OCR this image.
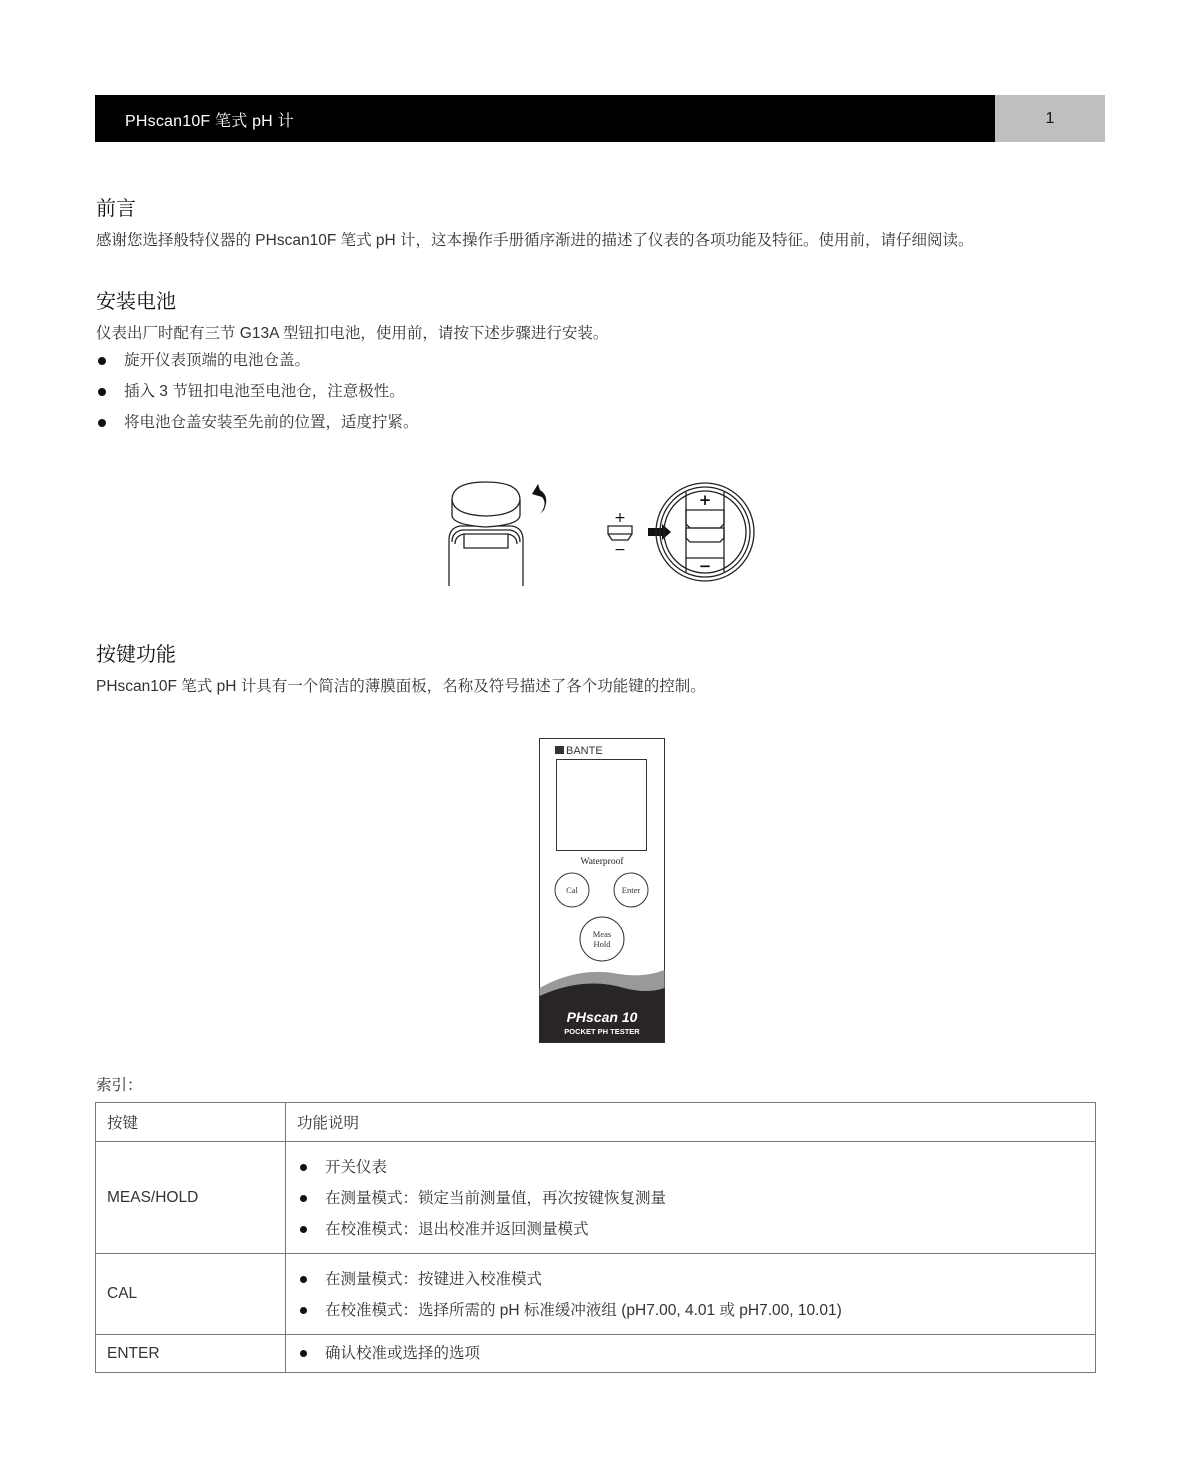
PHscan10F 笔式 pH 计	1
前言

感谢您选择般特仪器的 PHscan10F 笔式 pH 计，这本操作手册循序渐进的描述了仪表的各项功能及特征。使用前，请仔细阅读。

安装电池

仪表出厂时配有三节 G13A 型钮扣电池，使用前，请按下述步骤进行安装。

旋开仪表顶端的电池仓盖。
插入 3 节钮扣电池至电池仓，注意极性。
将电池仓盖安装至先前的位置，适度拧紧。
+
−
+
−
按键功能

PHscan10F 笔式 pH 计具有一个简洁的薄膜面板，名称及符号描述了各个功能键的控制。

BANTE
Waterproof
Cal	Enter
Meas
Hold
PHscan 10
POCKET PH TESTER
索引：
按键	功能说明
MEAS/HOLD	
开关仪表
在测量模式：锁定当前测量值，再次按键恢复测量
在校准模式：退出校准并返回测量模式

CAL	
在测量模式：按键进入校准模式
在校准模式：选择所需的 pH 标准缓冲液组 (pH7.00, 4.01 或 pH7.00, 10.01)

ENTER	确认校准或选择的选项
